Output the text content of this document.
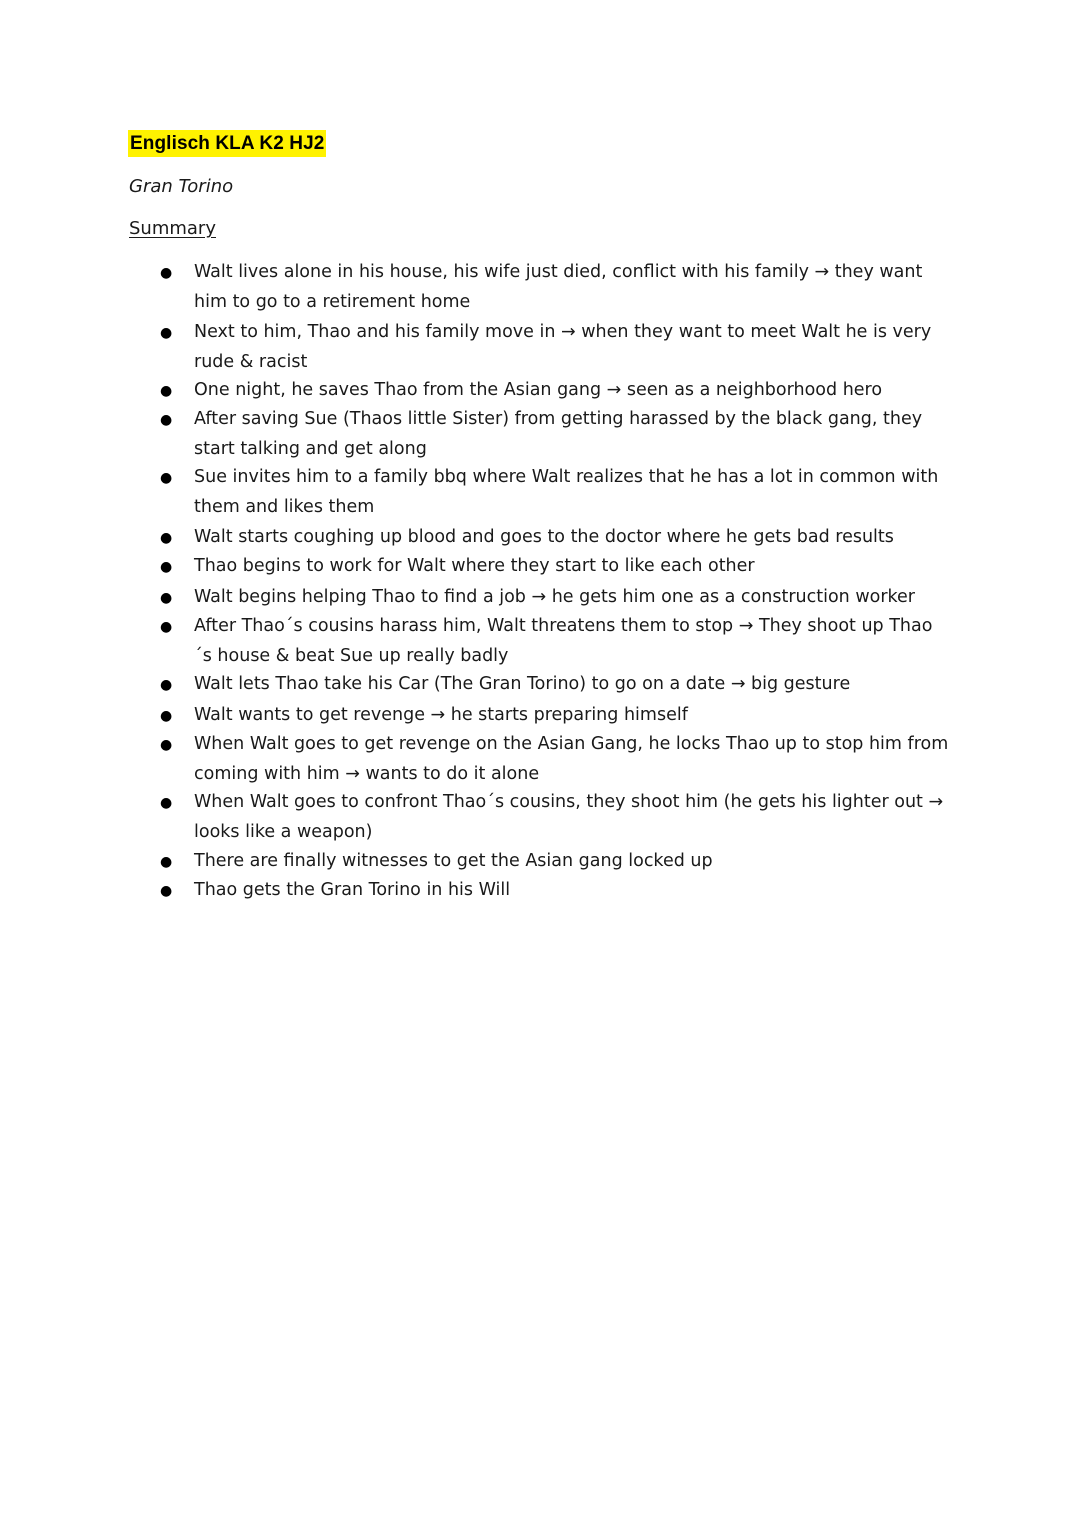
Englisch KLA K2 HJ2
Gran Torino
Summary
● Walt lives alone in his house, his wife just died, conflict with his family → they want him to go to a retirement home
● Next to him, Thao and his family move in → when they want to meet Walt he is very rude & racist
● One night, he saves Thao from the Asian gang → seen as a neighborhood hero
● After saving Sue (Thaos little Sister) from getting harassed by the black gang, they start talking and get along
● Sue invites him to a family bbq where Walt realizes that he has a lot in common with them and likes them
● Walt starts coughing up blood and goes to the doctor where he gets bad results
● Thao begins to work for Walt where they start to like each other
● Walt begins helping Thao to find a job → he gets him one as a construction worker
● After Thao´s cousins harass him, Walt threatens them to stop → They shoot up Thao´s house & beat Sue up really badly
● Walt lets Thao take his Car (The Gran Torino) to go on a date → big gesture
● Walt wants to get revenge → he starts preparing himself
● When Walt goes to get revenge on the Asian Gang, he locks Thao up to stop him from coming with him → wants to do it alone
● When Walt goes to confront Thao´s cousins, they shoot him (he gets his lighter out → looks like a weapon)
● There are finally witnesses to get the Asian gang locked up
● Thao gets the Gran Torino in his Will
